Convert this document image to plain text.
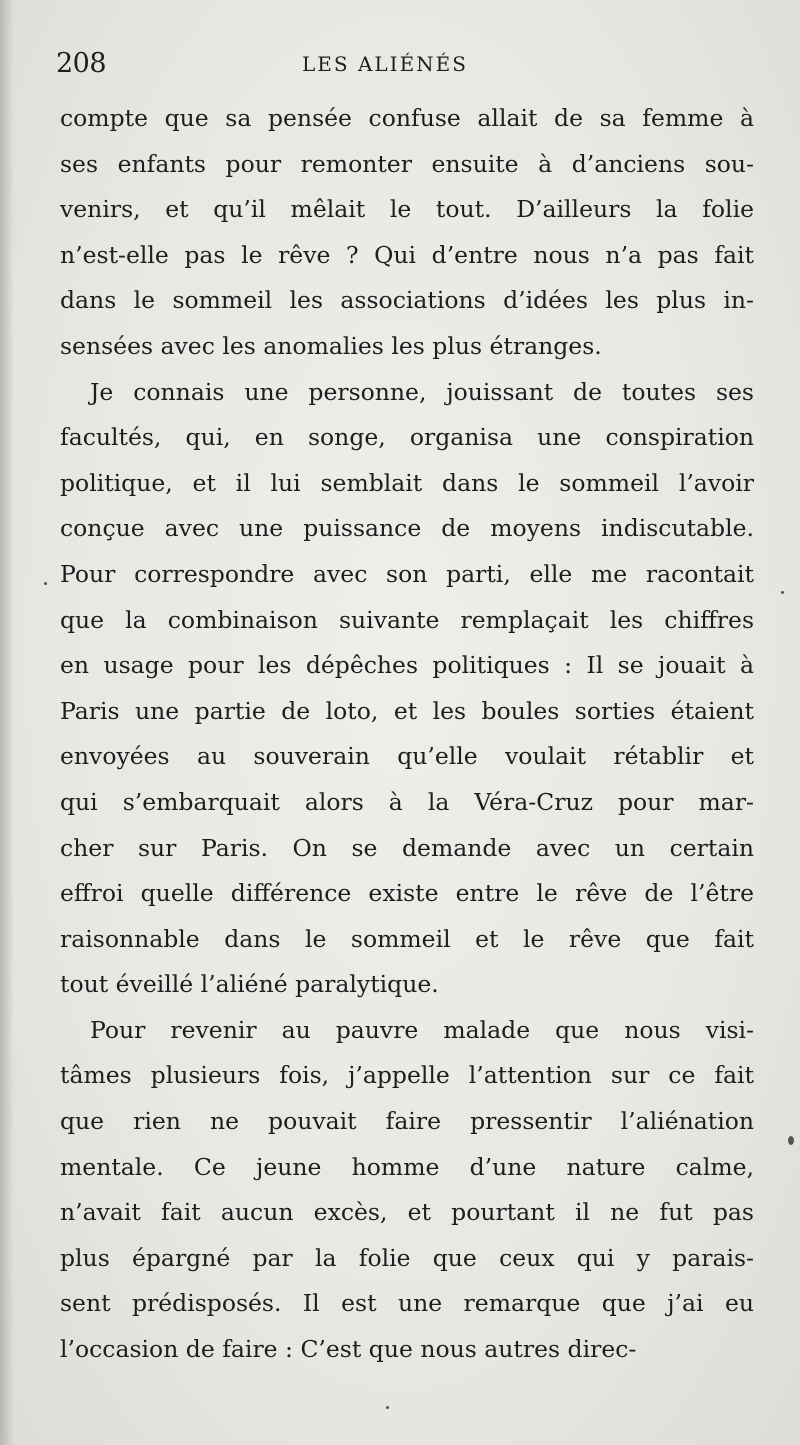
208	LES ALIÉNÉS
compte que sa pensée confuse allait de sa femme à
ses enfants pour remonter ensuite à d’anciens sou-
venirs, et qu’il mêlait le tout. D’ailleurs la folie
n’est-elle pas le rêve ? Qui d’entre nous n’a pas fait
dans le sommeil les associations d’idées les plus in-
sensées avec les anomalies les plus étranges.
Je connais une personne, jouissant de toutes ses
facultés, qui, en songe, organisa une conspiration
politique, et il lui semblait dans le sommeil l’avoir
conçue avec une puissance de moyens indiscutable.
Pour correspondre avec son parti, elle me racontait
que la combinaison suivante remplaçait les chiffres
en usage pour les dépêches politiques : Il se jouait à
Paris une partie de loto, et les boules sorties étaient
envoyées au souverain qu’elle voulait rétablir et
qui s’embarquait alors à la Véra-Cruz pour mar-
cher sur Paris. On se demande avec un certain
effroi quelle différence existe entre le rêve de l’être
raisonnable dans le sommeil et le rêve que fait
tout éveillé l’aliéné paralytique.
Pour revenir au pauvre malade que nous visi-
tâmes plusieurs fois, j’appelle l’attention sur ce fait
que rien ne pouvait faire pressentir l’aliénation
mentale. Ce jeune homme d’une nature calme,
n’avait fait aucun excès, et pourtant il ne fut pas
plus épargné par la folie que ceux qui y parais-
sent prédisposés. Il est une remarque que j’ai eu
l’occasion de faire : C’est que nous autres direc-
